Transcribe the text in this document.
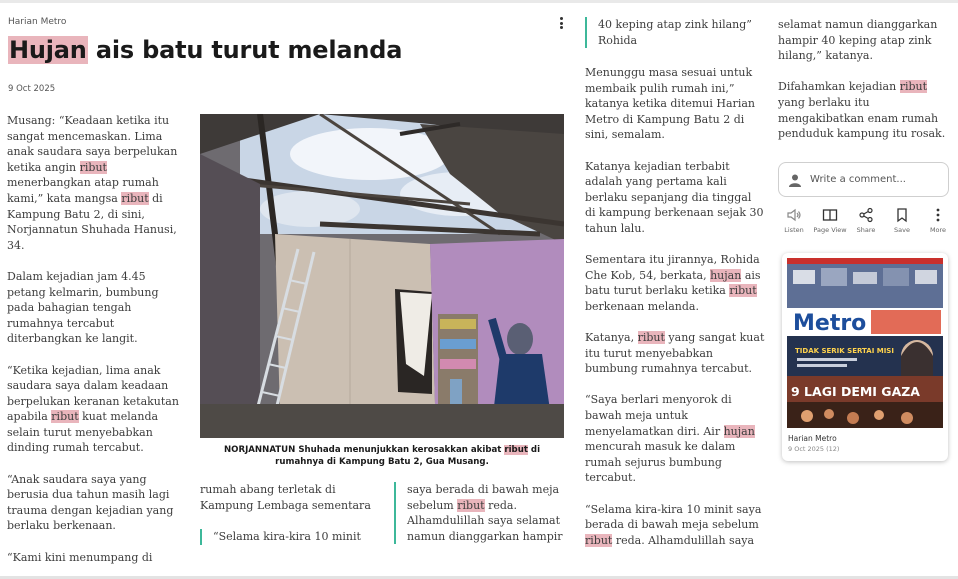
Harian Metro
Hujan ais batu turut melanda
9 Oct 2025

Musang: “Keadaan ketika itu sangat mencemaskan. Lima anak saudara saya berpelukan ketika angin ribut menerbangkan atap rumah kami,” kata mangsa ribut di Kampung Batu 2, di sini, Norjannatun Shuhada Hanusi, 34.

Dalam kejadian jam 4.45 petang kelmarin, bumbung pada bahagian tengah rumahnya tercabut diterbangkan ke langit.

“Ketika kejadian, lima anak saudara saya dalam keadaan berpelukan keranan ketakutan apabila ribut kuat melanda selain turut menyebabkan dinding rumah tercabut.

“Anak saudara saya yang berusia dua tahun masih lagi trauma dengan kejadian yang berlaku berkenaan.

“Kami kini menumpang di

NORJANNATUN Shuhada menunjukkan kerosakkan akibat ribut di rumahnya di Kampung Batu 2, Gua Musang.

rumah abang terletak di Kampung Lembaga sementara

“Selama kira-kira 10 minit
saya berada di bawah meja sebelum ribut reda. Alhamdulillah saya selamat namun dianggarkan hampir
40 keping atap zink hilang” Rohida

Menunggu masa sesuai untuk membaik pulih rumah ini,” katanya ketika ditemui Harian Metro di Kampung Batu 2 di sini, semalam.

Katanya kejadian terbabit adalah yang pertama kali berlaku sepanjang dia tinggal di kampung berkenaan sejak 30 tahun lalu.

Sementara itu jirannya, Rohida Che Kob, 54, berkata, hujan ais batu turut berlaku ketika ribut berkenaan melanda.

Katanya, ribut yang sangat kuat itu turut menyebabkan bumbung rumahnya tercabut.

“Saya berlari menyorok di bawah meja untuk menyelamatkan diri. Air hujan mencurah masuk ke dalam rumah sejurus bumbung tercabut.

“Selama kira-kira 10 minit saya berada di bawah meja sebelum ribut reda. Alhamdulillah saya

selamat namun dianggarkan hampir 40 keping atap zink hilang,” katanya.

Difahamkan kejadian ribut yang berlaku itu mengakibatkan enam rumah penduduk kampung itu rosak.

Write a comment...
Listen Page View Share	Save	More
Metro
TIDAK SERIK SERTAI MISI
9 LAGI DEMI GAZA
Harian Metro
9 Oct 2025 (12)
